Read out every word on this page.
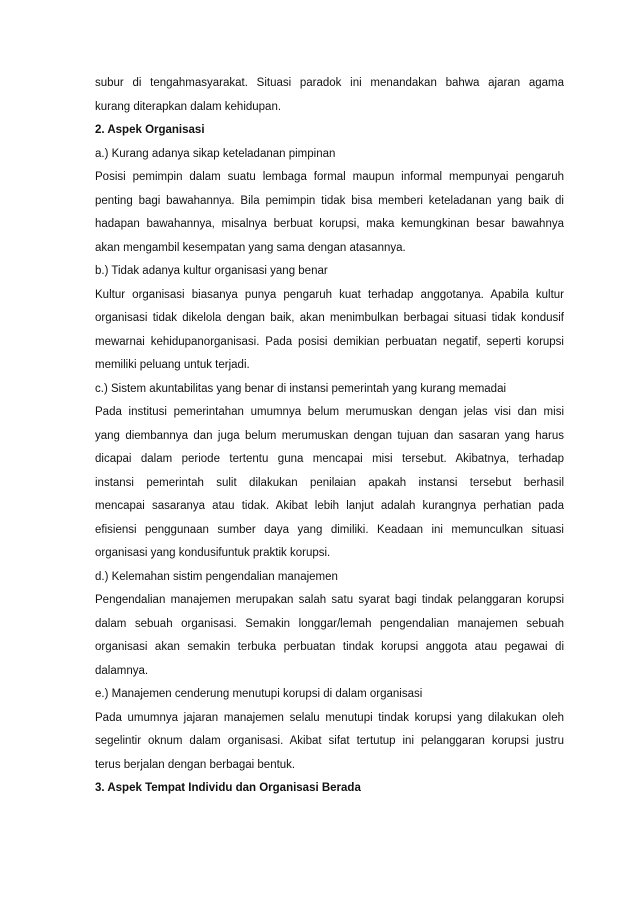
subur di tengahmasyarakat. Situasi paradok ini menandakan bahwa ajaran agama
kurang diterapkan dalam kehidupan.
2. Aspek Organisasi
a.) Kurang adanya sikap keteladanan pimpinan
Posisi pemimpin dalam suatu lembaga formal maupun informal mempunyai pengaruh
penting bagi bawahannya. Bila pemimpin tidak bisa memberi keteladanan yang baik di
hadapan bawahannya, misalnya berbuat korupsi, maka kemungkinan besar bawahnya
akan mengambil kesempatan yang sama dengan atasannya.
b.) Tidak adanya kultur organisasi yang benar
Kultur organisasi biasanya punya pengaruh kuat terhadap anggotanya. Apabila kultur
organisasi tidak dikelola dengan baik, akan menimbulkan berbagai situasi tidak kondusif
mewarnai kehidupanorganisasi. Pada posisi demikian perbuatan negatif, seperti korupsi
memiliki peluang untuk terjadi.
c.) Sistem akuntabilitas yang benar di instansi pemerintah yang kurang memadai
Pada institusi pemerintahan umumnya belum merumuskan dengan jelas visi dan misi
yang diembannya dan juga belum merumuskan dengan tujuan dan sasaran yang harus
dicapai dalam periode tertentu guna mencapai misi tersebut. Akibatnya, terhadap
instansi pemerintah sulit dilakukan penilaian apakah instansi tersebut berhasil
mencapai sasaranya atau tidak. Akibat lebih lanjut adalah kurangnya perhatian pada
efisiensi penggunaan sumber daya yang dimiliki. Keadaan ini memunculkan situasi
organisasi yang kondusifuntuk praktik korupsi.
d.) Kelemahan sistim pengendalian manajemen
Pengendalian manajemen merupakan salah satu syarat bagi tindak pelanggaran korupsi
dalam sebuah organisasi. Semakin longgar/lemah pengendalian manajemen sebuah
organisasi akan semakin terbuka perbuatan tindak korupsi anggota atau pegawai di
dalamnya.
e.) Manajemen cenderung menutupi korupsi di dalam organisasi
Pada umumnya jajaran manajemen selalu menutupi tindak korupsi yang dilakukan oleh
segelintir oknum dalam organisasi. Akibat sifat tertutup ini pelanggaran korupsi justru
terus berjalan dengan berbagai bentuk.
3. Aspek Tempat Individu dan Organisasi Berada
